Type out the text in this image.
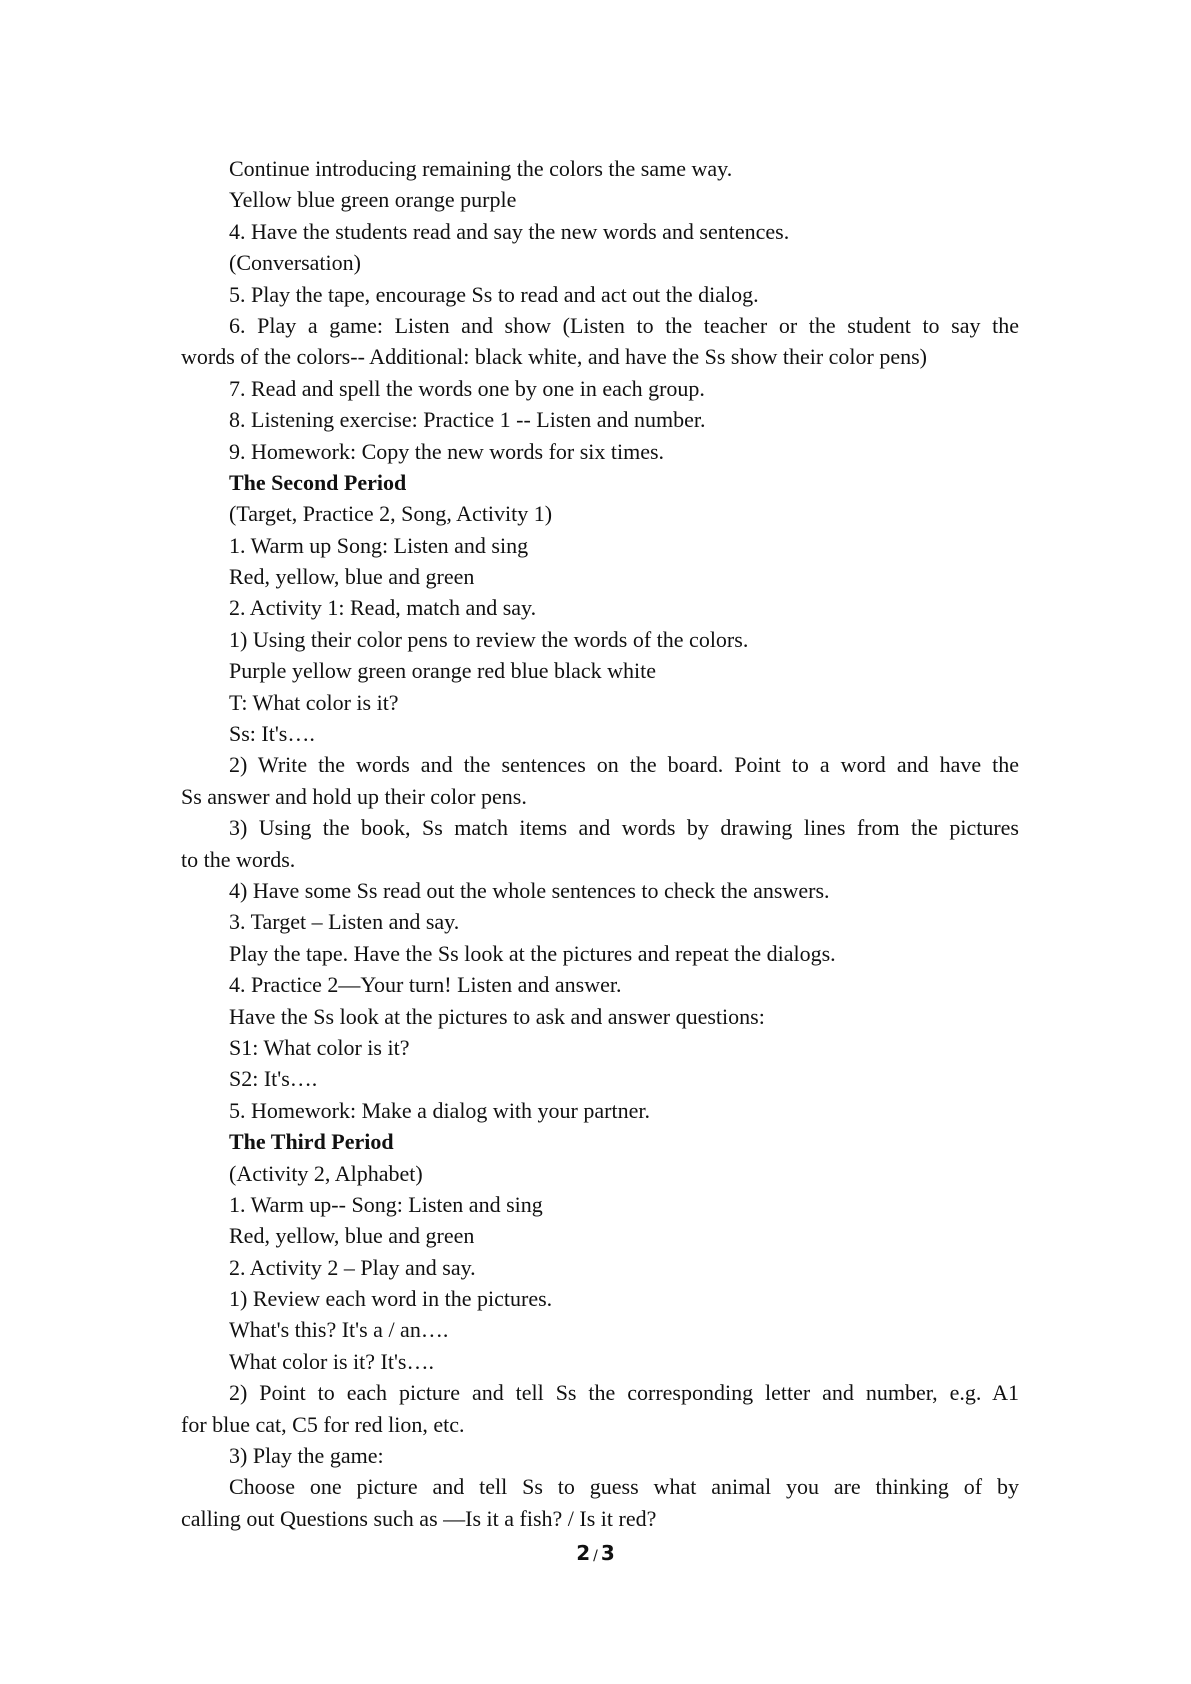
Continue introducing remaining the colors the same way.
Yellow blue green orange purple
4. Have the students read and say the new words and sentences.
(Conversation)
5. Play the tape, encourage Ss to read and act out the dialog.
6. Play a game: Listen and show (Listen to the teacher or the student to say the
words of the colors-- Additional: black white, and have the Ss show their color pens)
7. Read and spell the words one by one in each group.
8. Listening exercise: Practice 1 -- Listen and number.
9. Homework: Copy the new words for six times.
The Second Period
(Target, Practice 2, Song, Activity 1)
1. Warm up Song: Listen and sing
Red, yellow, blue and green
2. Activity 1: Read, match and say.
1) Using their color pens to review the words of the colors.
Purple yellow green orange red blue black white
T: What color is it?
Ss: It's….
2) Write the words and the sentences on the board. Point to a word and have the
Ss answer and hold up their color pens.
3) Using the book, Ss match items and words by drawing lines from the pictures
to the words.
4) Have some Ss read out the whole sentences to check the answers.
3. Target – Listen and say.
Play the tape. Have the Ss look at the pictures and repeat the dialogs.
4. Practice 2—Your turn! Listen and answer.
Have the Ss look at the pictures to ask and answer questions:
S1: What color is it?
S2: It's….
5. Homework: Make a dialog with your partner.
The Third Period
(Activity 2, Alphabet)
1. Warm up-- Song: Listen and sing
Red, yellow, blue and green
2. Activity 2 – Play and say.
1) Review each word in the pictures.
What's this? It's a / an….
What color is it? It's….
2) Point to each picture and tell Ss the corresponding letter and number, e.g. A1
for blue cat, C5 for red lion, etc.
3) Play the game:
Choose one picture and tell Ss to guess what animal you are thinking of by
calling out Questions such as ―Is it a fish? / Is it red?
2 / 3
